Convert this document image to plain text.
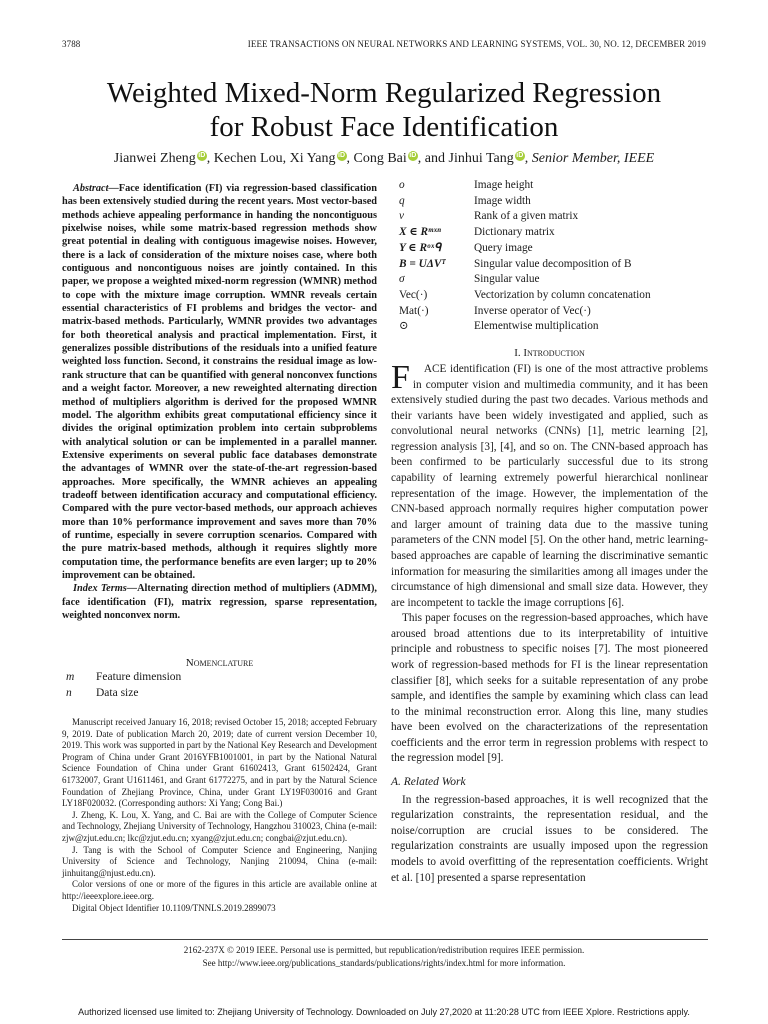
3788	IEEE TRANSACTIONS ON NEURAL NETWORKS AND LEARNING SYSTEMS, VOL. 30, NO. 12, DECEMBER 2019
Weighted Mixed-Norm Regularized Regression
for Robust Face Identification
Jianwei Zheng iD , Kechen Lou, Xi Yang iD , Cong Bai iD , and Jinhui Tang iD , Senior Member, IEEE

Abstract—Face identification (FI) via regression-based classification has been extensively studied during the recent years. Most vector-based methods achieve appealing performance in handing the noncontiguous pixelwise noises, while some matrix-based regression methods show great potential in dealing with contiguous imagewise noises. However, there is a lack of consideration of the mixture noises case, where both contiguous and noncontiguous noises are jointly contained. In this paper, we propose a weighted mixed-norm regression (WMNR) method to cope with the mixture image corruption. WMNR reveals certain essential characteristics of FI problems and bridges the vector- and matrix-based methods. Particularly, WMNR provides two advantages for both theoretical analysis and practical implementation. First, it generalizes possible distributions of the residuals into a unified feature weighted loss function. Second, it constrains the residual image as low-rank structure that can be quantified with general nonconvex functions and a weight factor. Moreover, a new reweighted alternating direction method of multipliers algorithm is derived for the proposed WMNR model. The algorithm exhibits great computational efficiency since it divides the original optimization problem into certain subproblems with analytical solution or can be implemented in a parallel manner. Extensive experiments on several public face databases demonstrate the advantages of WMNR over the state-of-the-art regression-based approaches. More specifically, the WMNR achieves an appealing tradeoff between identification accuracy and computational efficiency. Compared with the pure vector-based methods, our approach achieves more than 10% performance improvement and saves more than 70% of runtime, especially in severe corruption scenarios. Compared with the pure matrix-based methods, although it requires slightly more computation time, the performance benefits are even larger; up to 20% improvement can be obtained.

Index Terms—Alternating direction method of multipliers (ADMM), face identification (FI), matrix regression, sparse representation, weighted nonconvex norm.

Nomenclature
m	Feature dimension
n	Data size

Manuscript received January 16, 2018; revised October 15, 2018; accepted February 9, 2019. Date of publication March 20, 2019; date of current version December 10, 2019. This work was supported in part by the National Key Research and Development Program of China under Grant 2016YFB1001001, in part by the National Natural Science Foundation of China under Grant 61602413, Grant 61502424, Grant 61732007, Grant U1611461, and Grant 61772275, and in part by the Natural Science Foundation of Zhejiang Province, China, under Grant LY19F030016 and Grant LY18F020032. (Corresponding authors: Xi Yang; Cong Bai.)

J. Zheng, K. Lou, X. Yang, and C. Bai are with the College of Computer Science and Technology, Zhejiang University of Technology, Hangzhou 310023, China (e-mail: zjw@zjut.edu.cn; lkc@zjut.edu.cn; xyang@zjut.edu.cn; congbai@zjut.edu.cn).

J. Tang is with the School of Computer Science and Engineering, Nanjing University of Science and Technology, Nanjing 210094, China (e-mail: jinhuitang@njust.edu.cn).

Color versions of one or more of the figures in this article are available online at http://ieeexplore.ieee.org.

Digital Object Identifier 10.1109/TNNLS.2019.2899073

o	Image height
q	Image width
v	Rank of a given matrix
X ∈ Rᵐˣⁿ	Dictionary matrix
Y ∈ Rᵒˣᑫ	Query image
B = UΔVᵀ	Singular value decomposition of B
σ	Singular value
Vec(·)	Vectorization by column concatenation
Mat(·)	Inverse operator of Vec(·)
⊙	Elementwise multiplication
I. Introduction

F ACE identification (FI) is one of the most attractive problems in computer vision and multimedia community, and it has been extensively studied during the past two decades. Various methods and their variants have been widely investigated and applied, such as convolutional neural networks (CNNs) [1], metric learning [2], regression analysis [3], [4], and so on. The CNN-based approach has been confirmed to be particularly successful due to its strong capability of learning extremely powerful hierarchical nonlinear representation of the image. However, the implementation of the CNN-based approach normally requires higher computation power and larger amount of training data due to the massive tuning parameters of the CNN model [5]. On the other hand, metric learning-based approaches are capable of learning the discriminative semantic information for measuring the similarities among all images under the circumstance of high dimensional and small size data. However, they are incompetent to tackle the image corruptions [6].

This paper focuses on the regression-based approaches, which have aroused broad attentions due to its interpretability of intuitive principle and robustness to specific noises [7]. The most pioneered work of regression-based methods for FI is the linear representation classifier [8], which seeks for a suitable representation of any probe sample, and identifies the sample by examining which class can lead to the minimal reconstruction error. Along this line, many studies have been evolved on the characterizations of the representation coefficients and the error term in regression problems with respect to the regression model [9].

A. Related Work

In the regression-based approaches, it is well recognized that the regularization constraints, the representation residual, and the noise/corruption are crucial issues to be considered. The regularization constraints are usually imposed upon the regression models to avoid overfitting of the representation coefficients. Wright et al. [10] presented a sparse representation

2162-237X © 2019 IEEE. Personal use is permitted, but republication/redistribution requires IEEE permission.
See http://www.ieee.org/publications_standards/publications/rights/index.html for more information.
Authorized licensed use limited to: Zhejiang University of Technology. Downloaded on July 27,2020 at 11:20:28 UTC from IEEE Xplore. Restrictions apply.
